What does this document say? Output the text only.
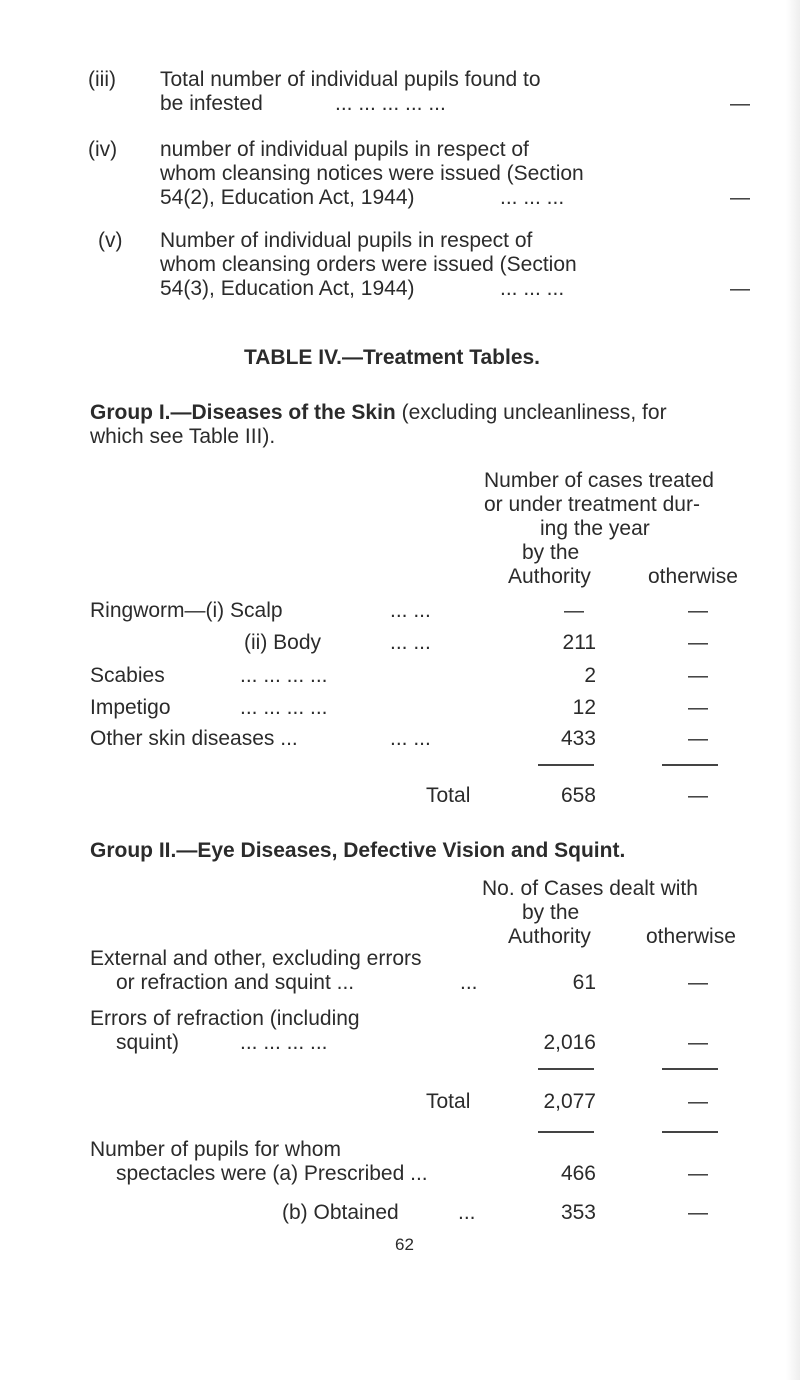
(iii) Total number of individual pupils found to
be infested	... ... ... ... ...	—
(iv) number of individual pupils in respect of
whom cleansing notices were issued (Section
54(2), Education Act, 1944)	... ... ...	—
(v) Number of individual pupils in respect of
whom cleansing orders were issued (Section
54(3), Education Act, 1944)	... ... ...	—
TABLE IV.—Treatment Tables.
Group I.—Diseases of the Skin (excluding uncleanliness, for
which see Table III).
Number of cases treated
or under treatment dur-
ing the year
by the
Authority	otherwise
Ringworm—(i) Scalp	... ...	—	—
(ii) Body	... ...	211	—
Scabies	... ... ... ...	2	—
Impetigo	... ... ... ...	12	—
Other skin diseases ...	... ...	433	—
Total	658	—
Group II.—Eye Diseases, Defective Vision and Squint.
No. of Cases dealt with
by the
Authority	otherwise
External and other, excluding errors
or refraction and squint ...	...	61	—
Errors of refraction (including
squint)	... ... ... ...	2,016	—
Total	2,077	—
Number of pupils for whom
spectacles were (a) Prescribed ...	466	—
(b) Obtained	...	353	—
62
